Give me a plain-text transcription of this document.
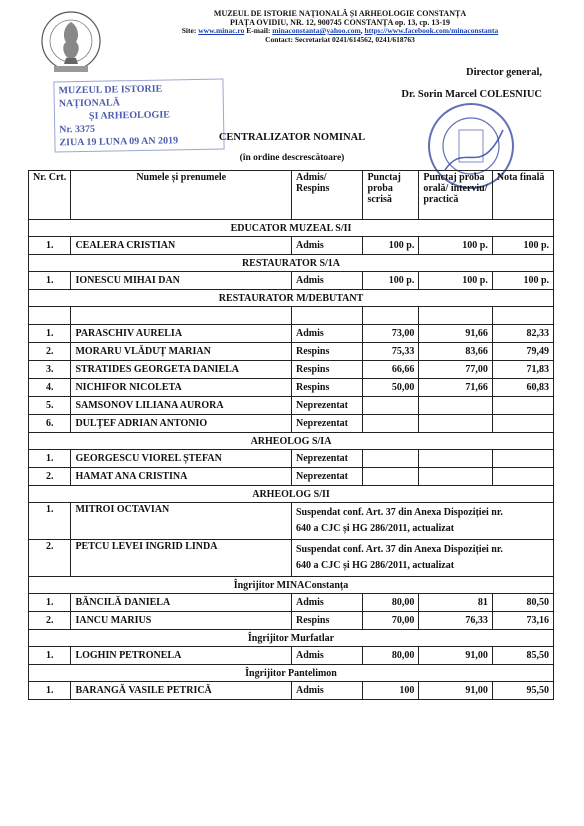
MUZEUL DE ISTORIE NAȚIONALĂ ȘI ARHEOLOGIE CONSTANȚA
PIAȚA OVIDIU, NR. 12, 900745 CONSTANȚA op. 13, cp. 13-19
Site: www.minac.ro E-mail: minaconstanta@yahoo.com, https://www.facebook.com/minaconstanta
Contact: Secretariat 0241/614562, 0241/618763
Director general,
Dr. Sorin Marcel COLESNIUC
MUZEUL DE ISTORIE NAȚIONALĂ
ȘI ARHEOLOGIE
Nr. 3375
ZIUA 19 LUNA 09 AN 2019	CENTRALIZATOR NOMINAL
(în ordine descrescătoare)
Nr. Crt.	Numele și prenumele	Admis/ Respins	Punctaj proba scrisă	Punctaj proba orală/ interviu/ practică	Nota finală
EDUCATOR MUZEAL S/II					
1.	CEALERA CRISTIAN	Admis	100 p.	100 p.	100 p.
RESTAURATOR S/1A					
1.	IONESCU MIHAI DAN	Admis	100 p.	100 p.	100 p.
RESTAURATOR M/DEBUTANT					

1.	PARASCHIV AURELIA	Admis	73,00	91,66	82,33
2.	MORARU VLĂDUȚ MARIAN	Respins	75,33	83,66	79,49
3.	STRATIDES GEORGETA DANIELA	Respins	66,66	77,00	71,83
4.	NICHIFOR NICOLETA	Respins	50,00	71,66	60,83
5.	SAMSONOV LILIANA AURORA	Neprezentat			
6.	DULȚEF ADRIAN ANTONIO	Neprezentat			
ARHEOLOG S/IA					
1.	GEORGESCU VIOREL ȘTEFAN	Neprezentat			
2.	HAMAT ANA CRISTINA	Neprezentat			
ARHEOLOG S/II					
1.	MITROI OCTAVIAN	Suspendat conf. Art. 37 din Anexa Dispoziției nr.
640 a CJC și HG 286/2011, actualizat			

2.	PETCU LEVEI INGRID LINDA	Suspendat conf. Art. 37 din Anexa Dispoziției nr.
640 a CJC și HG 286/2011, actualizat			

Îngrijitor MINAConstanța					
1.	BĂNCILĂ DANIELA	Admis	80,00	81	80,50
2.	IANCU MARIUS	Respins	70,00	76,33	73,16
Îngrijitor Murfatlar					
1.	LOGHIN PETRONELA	Admis	80,00	91,00	85,50
Îngrijitor Pantelimon					
1.	BARANGĂ VASILE PETRICĂ	Admis	100	91,00	95,50
